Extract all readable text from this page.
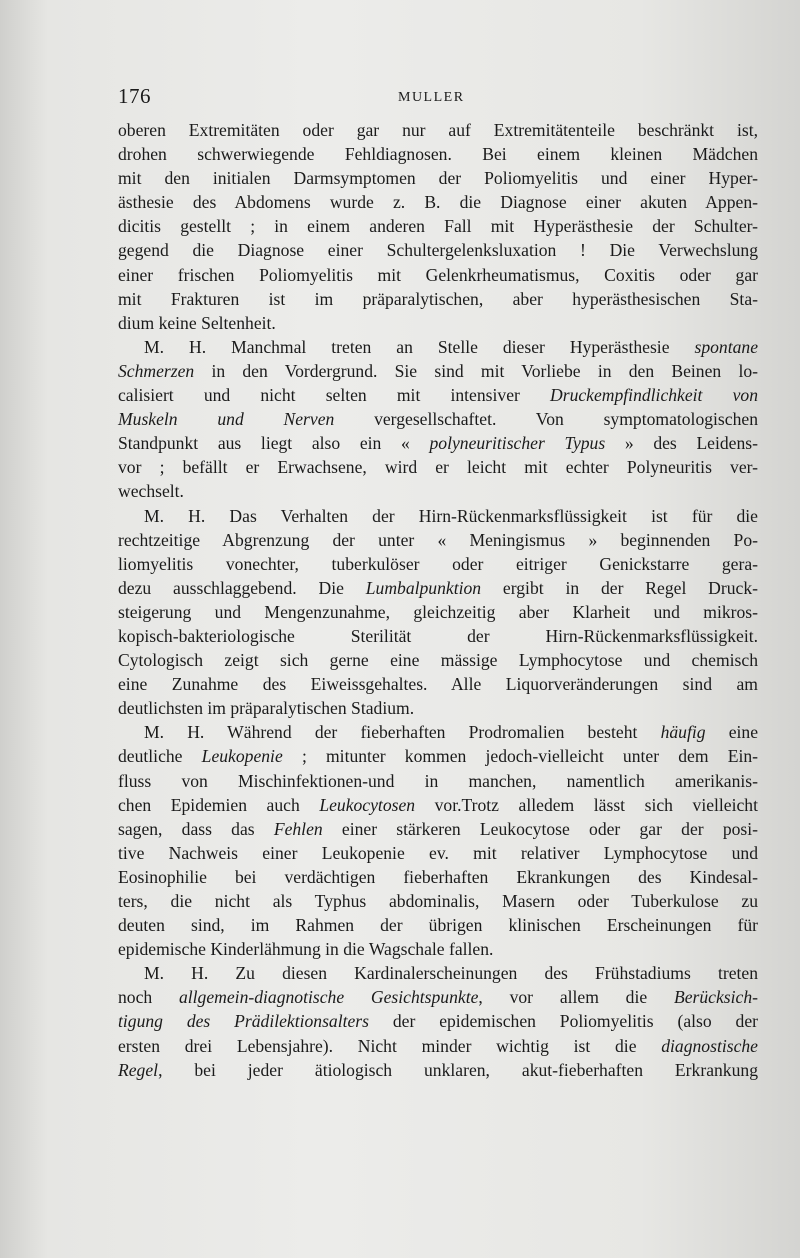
176	MULLER

oberen Extremitäten oder gar nur auf Extremitätenteile beschränkt ist,
drohen schwerwiegende Fehldiagnosen. Bei einem kleinen Mädchen
mit den initialen Darmsymptomen der Poliomyelitis und einer Hyper-
ästhesie des Abdomens wurde z. B. die Diagnose einer akuten Appen-
dicitis gestellt ; in einem anderen Fall mit Hyperästhesie der Schulter-
gegend die Diagnose einer Schultergelenksluxation ! Die Verwechslung
einer frischen Poliomyelitis mit Gelenkrheumatismus, Coxitis oder gar
mit Frakturen ist im präparalytischen, aber hyperästhesischen Sta-
dium keine Seltenheit.

M. H. Manchmal treten an Stelle dieser Hyperästhesie spontane
Schmerzen in den Vordergrund. Sie sind mit Vorliebe in den Beinen lo-
calisiert und nicht selten mit intensiver Druckempfindlichkeit von
Muskeln und Nerven vergesellschaftet. Von symptomatologischen
Standpunkt aus liegt also ein « polyneuritischer Typus » des Leidens-
vor ; befällt er Erwachsene, wird er leicht mit echter Polyneuritis ver-
wechselt.

M. H. Das Verhalten der Hirn-Rückenmarksflüssigkeit ist für die
rechtzeitige Abgrenzung der unter « Meningismus » beginnenden Po-
liomyelitis vonechter, tuberkulöser oder eitriger Genickstarre gera-
dezu ausschlaggebend. Die Lumbalpunktion ergibt in der Regel Druck-
steigerung und Mengenzunahme, gleichzeitig aber Klarheit und mikros-
kopisch-bakteriologische Sterilität der Hirn-Rückenmarksflüssigkeit.
Cytologisch zeigt sich gerne eine mässige Lymphocytose und chemisch
eine Zunahme des Eiweissgehaltes. Alle Liquorveränderungen sind am
deutlichsten im präparalytischen Stadium.

M. H. Während der fieberhaften Prodromalien besteht häufig eine
deutliche Leukopenie ; mitunter kommen jedoch-vielleicht unter dem Ein-
fluss von Mischinfektionen-und in manchen, namentlich amerikanis-
chen Epidemien auch Leukocytosen vor.Trotz alledem lässt sich vielleicht
sagen, dass das Fehlen einer stärkeren Leukocytose oder gar der posi-
tive Nachweis einer Leukopenie ev. mit relativer Lymphocytose und
Eosinophilie bei verdächtigen fieberhaften Ekrankungen des Kindesal-
ters, die nicht als Typhus abdominalis, Masern oder Tuberkulose zu
deuten sind, im Rahmen der übrigen klinischen Erscheinungen für
epidemische Kinderlähmung in die Wagschale fallen.

M. H. Zu diesen Kardinalerscheinungen des Frühstadiums treten
noch allgemein-diagnotische Gesichtspunkte, vor allem die Berücksich-
tigung des Prädilektionsalters der epidemischen Poliomyelitis (also der
ersten drei Lebensjahre). Nicht minder wichtig ist die diagnostische
Regel, bei jeder ätiologisch unklaren, akut-fieberhaften Erkrankung
